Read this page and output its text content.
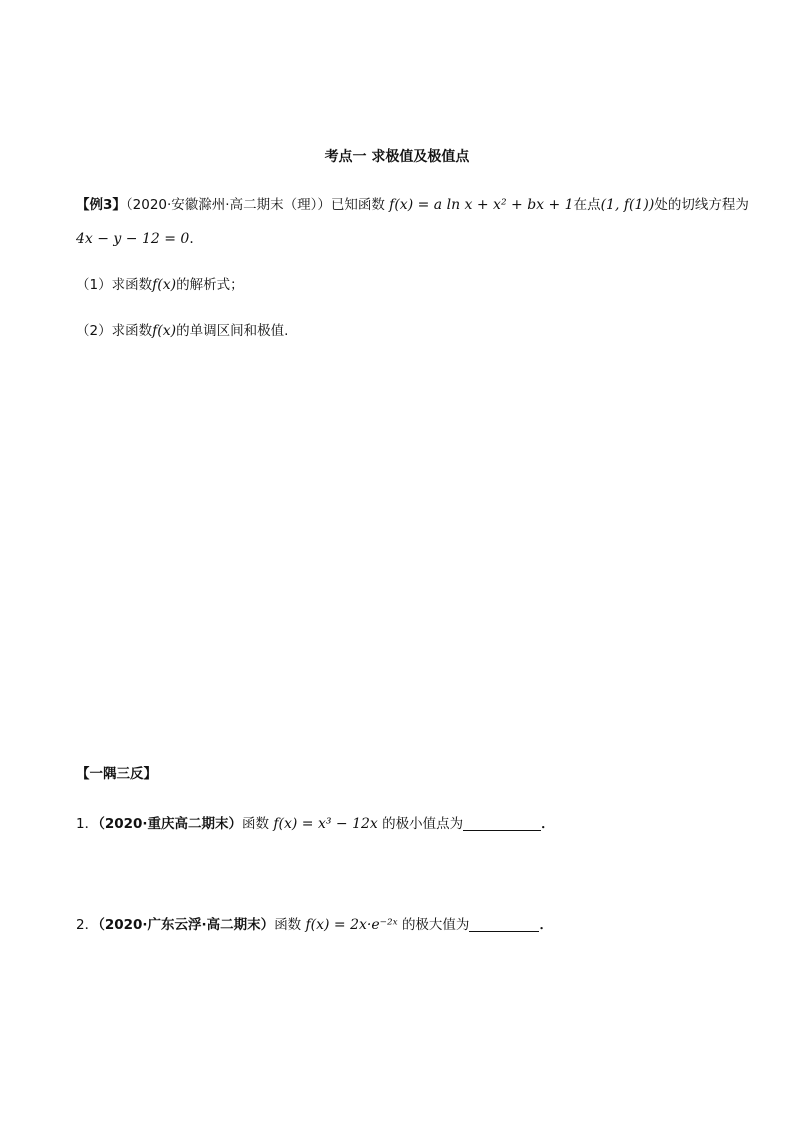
考点一 求极值及极值点
【例3】（2020·安徽滁州·高二期末（理））已知函数 f(x) = a ln x + x² + bx + 1在点(1, f(1))处的切线方程为
4x − y − 12 = 0.
（1）求函数f(x)的解析式；
（2）求函数f(x)的单调区间和极值.
【一隅三反】
1．（2020·重庆高二期末）函数 f(x) = x³ − 12x 的极小值点为	．
2．（2020·广东云浮·高二期末）函数 f(x) = 2x·e⁻²ˣ 的极大值为	．
